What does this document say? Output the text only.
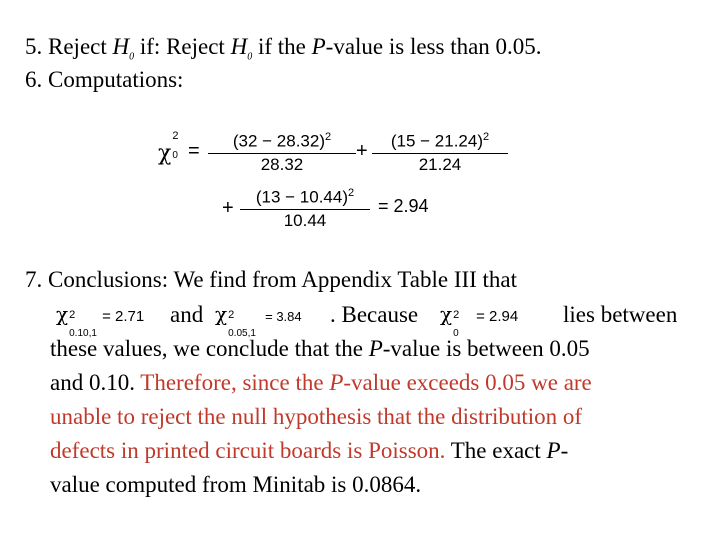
5. Reject $H_0$ if: Reject $H_0$ if the P-value is less than 0.05.
6. Computations:
χ
2
0 =	$(32 - 28.32)^2$
28.32
+	$(15 - 21.24)^2$
21.24
+	$(13 - 10.44)^2$
10.44
= 2.94
7. Conclusions: We find from Appendix Table III that
χ 2
0.10,1
= 2.71 and χ 2
0.05,1
= 3.84 . Because χ 2
0
= 2.94 lies between
these values, we conclude that the P-value is between 0.05
and 0.10. Therefore, since the P-value exceeds 0.05 we are
unable to reject the null hypothesis that the distribution of
defects in printed circuit boards is Poisson. The exact P-
value computed from Minitab is 0.0864.
